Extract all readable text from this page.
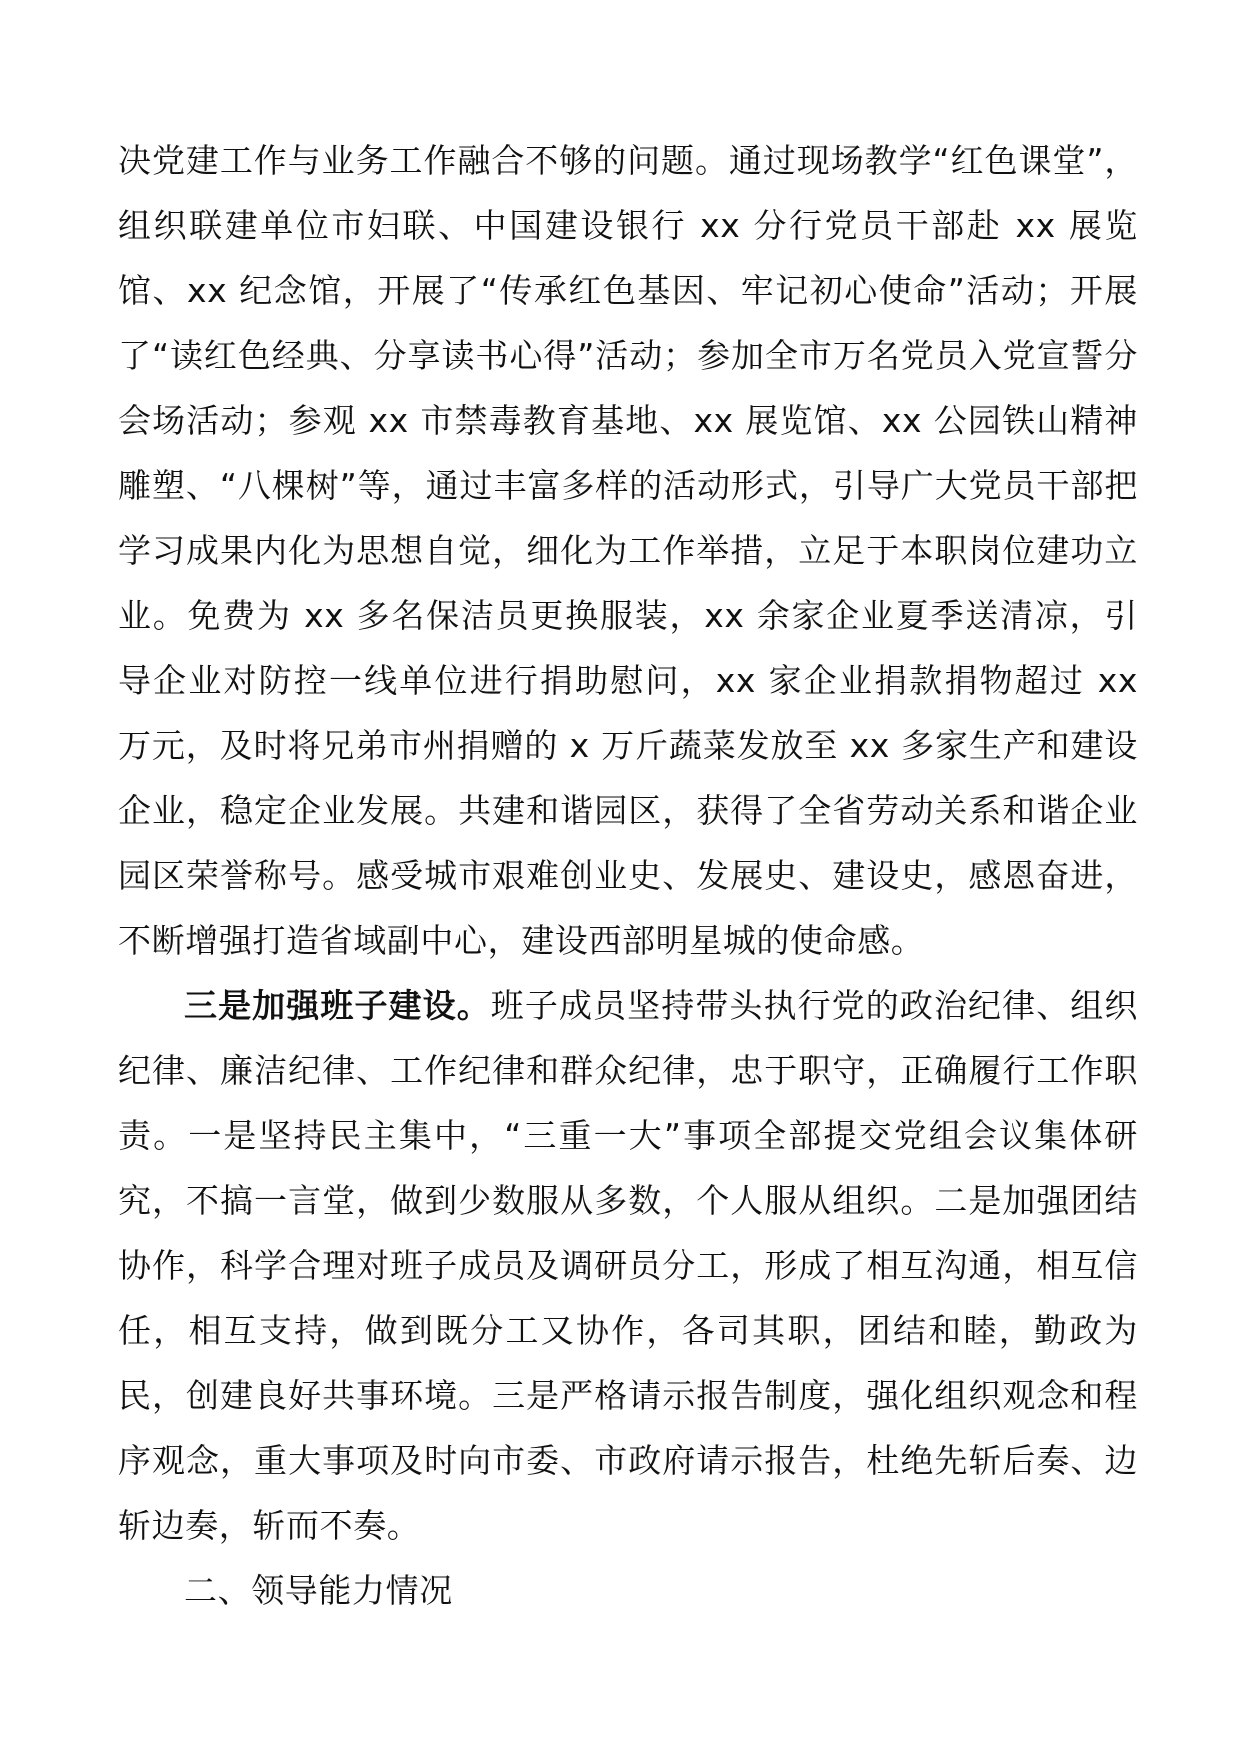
决党建工作与业务工作融合不够的问题。通过现场教学“红色课堂”，组织联建单位市妇联、中国建设银行 xx 分行党员干部赴 xx 展览馆、xx 纪念馆，开展了“传承红色基因、牢记初心使命”活动；开展了“读红色经典、分享读书心得”活动；参加全市万名党员入党宣誓分会场活动；参观 xx 市禁毒教育基地、xx 展览馆、xx 公园铁山精神雕塑、“八棵树”等，通过丰富多样的活动形式，引导广大党员干部把学习成果内化为思想自觉，细化为工作举措，立足于本职岗位建功立业。免费为 xx 多名保洁员更换服装，xx 余家企业夏季送清凉，引导企业对防控一线单位进行捐助慰问，xx 家企业捐款捐物超过 xx 万元，及时将兄弟市州捐赠的 x 万斤蔬菜发放至 xx 多家生产和建设企业，稳定企业发展。共建和谐园区，获得了全省劳动关系和谐企业园区荣誉称号。感受城市艰难创业史、发展史、建设史，感恩奋进，不断增强打造省域副中心，建设西部明星城的使命感。

三是加强班子建设。班子成员坚持带头执行党的政治纪律、组织纪律、廉洁纪律、工作纪律和群众纪律，忠于职守，正确履行工作职责。一是坚持民主集中，“三重一大”事项全部提交党组会议集体研究，不搞一言堂，做到少数服从多数，个人服从组织。二是加强团结协作，科学合理对班子成员及调研员分工，形成了相互沟通，相互信任，相互支持，做到既分工又协作，各司其职，团结和睦，勤政为民，创建良好共事环境。三是严格请示报告制度，强化组织观念和程序观念，重大事项及时向市委、市政府请示报告，杜绝先斩后奏、边斩边奏，斩而不奏。

二、领导能力情况
